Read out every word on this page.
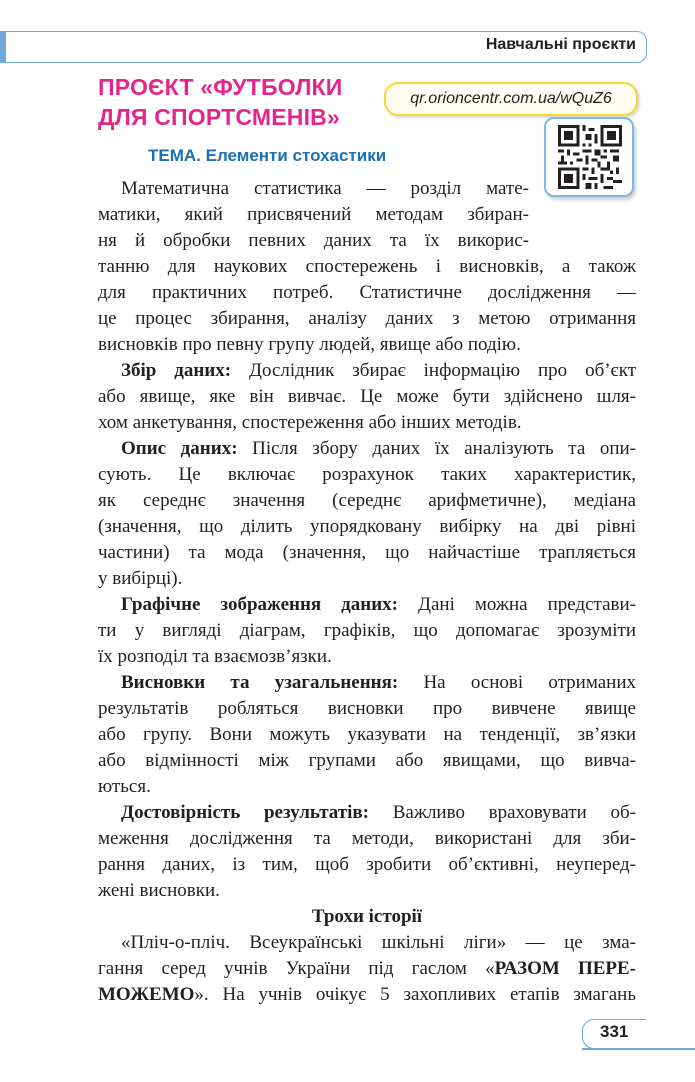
Навчальні проєкти
ПРОЄКТ «ФУТБОЛКИ
ДЛЯ СПОРТСМЕНІВ»
qr.orioncentr.com.ua/wQuZ6
ТЕМА. Елементи стохастики
Математична статистика — розділ мате-
матики, який присвячений методам збиран-
ня й обробки певних даних та їх викорис-
танню для наукових спостережень і висновків, а також
для практичних потреб. Статистичне дослідження —
це процес збирання, аналізу даних з метою отримання
висновків про певну групу людей, явище або подію.
Збір даних: Дослідник збирає інформацію про об’єкт
або явище, яке він вивчає. Це може бути здійснено шля-
хом анкетування, спостереження або інших методів.
Опис даних: Після збору даних їх аналізують та опи-
сують. Це включає розрахунок таких характеристик,
як середнє значення (середнє арифметичне), медіана
(значення, що ділить упорядковану вибірку на дві рівні
частини) та мода (значення, що найчастіше трапляється
у вибірці).
Графічне зображення даних: Дані можна представи-
ти у вигляді діаграм, графіків, що допомагає зрозуміти
їх розподіл та взаємозв’язки.
Висновки та узагальнення: На основі отриманих
результатів робляться висновки про вивчене явище
або групу. Вони можуть указувати на тенденції, зв’язки
або відмінності між групами або явищами, що вивча-
ються.
Достовірність результатів: Важливо враховувати об-
меження дослідження та методи, використані для зби-
рання даних, із тим, щоб зробити об’єктивні, неуперед-
жені висновки.
Трохи історії
«Пліч-о-пліч. Всеукраїнські шкільні ліги» — це зма-
гання серед учнів України під гаслом «РАЗОМ ПЕРЕ-
МОЖЕМО». На учнів очікує 5 захопливих етапів змагань
331
